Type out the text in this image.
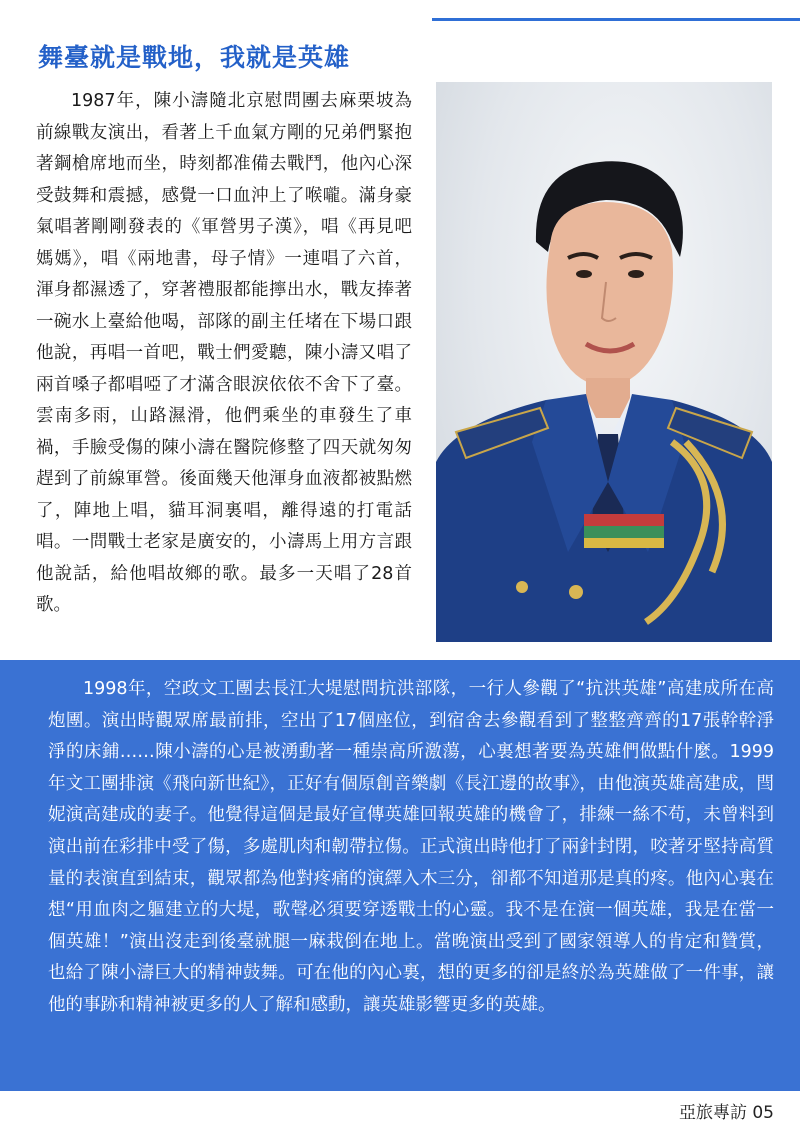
舞臺就是戰地，我就是英雄

1987年，陳小濤隨北京慰問團去麻栗坡為前線戰友演出，看著上千血氣方剛的兄弟們緊抱著鋼槍席地而坐，時刻都准備去戰鬥，他內心深受鼓舞和震撼，感覺一口血沖上了喉嚨。滿身豪氣唱著剛剛發表的《軍營男子漢》，唱《再見吧媽媽》，唱《兩地書，母子情》一連唱了六首，渾身都濕透了，穿著禮服都能擰出水，戰友捧著一碗水上臺給他喝，部隊的副主任堵在下場口跟他說，再唱一首吧，戰士們愛聽，陳小濤又唱了兩首嗓子都唱啞了才滿含眼淚依依不舍下了臺。雲南多雨，山路濕滑，他們乘坐的車發生了車禍，手臉受傷的陳小濤在醫院修整了四天就匆匆趕到了前線軍營。後面幾天他渾身血液都被點燃了，陣地上唱，貓耳洞裏唱，離得遠的打電話唱。一問戰士老家是廣安的，小濤馬上用方言跟他說話，給他唱故鄉的歌。最多一天唱了28首歌。

1998年，空政文工團去長江大堤慰問抗洪部隊，一行人參觀了“抗洪英雄”高建成所在高炮團。演出時觀眾席最前排，空出了17個座位，到宿舍去參觀看到了整整齊齊的17張幹幹淨淨的床鋪……陳小濤的心是被湧動著一種崇高所激蕩，心裏想著要為英雄們做點什麼。1999年文工團排演《飛向新世紀》，正好有個原創音樂劇《長江邊的故事》，由他演英雄高建成，閆妮演高建成的妻子。他覺得這個是最好宣傳英雄回報英雄的機會了，排練一絲不苟，未曾料到演出前在彩排中受了傷，多處肌肉和韌帶拉傷。正式演出時他打了兩針封閉，咬著牙堅持高質量的表演直到結束，觀眾都為他對疼痛的演繹入木三分，卻都不知道那是真的疼。他內心裏在想“用血肉之軀建立的大堤，歌聲必須要穿透戰士的心靈。我不是在演一個英雄，我是在當一個英雄！”演出沒走到後臺就腿一麻栽倒在地上。當晚演出受到了國家領導人的肯定和贊賞，也給了陳小濤巨大的精神鼓舞。可在他的內心裏，想的更多的卻是終於為英雄做了一件事，讓他的事跡和精神被更多的人了解和感動，讓英雄影響更多的英雄。

亞旅專訪 05
